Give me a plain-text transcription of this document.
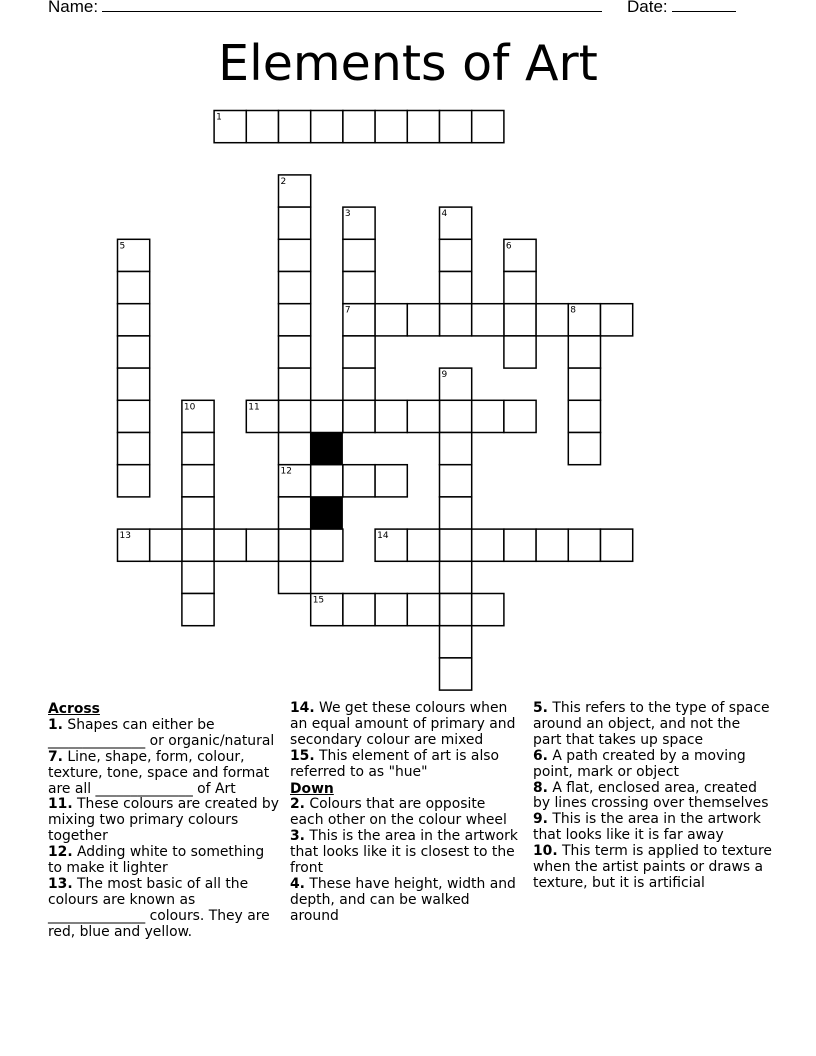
Name:	Date:
Elements of Art
1
2
3	4
5	6
7	8
9
10	11
12
13	14
15
Across
1. Shapes can either be ______________ or organic/natural
7. Line, shape, form, colour, texture, tone, space and format are all ______________ of Art
11. These colours are created by mixing two primary colours together
12. Adding white to something to make it lighter
13. The most basic of all the colours are known as ______________ colours. They are red, blue and yellow.
14. We get these colours when an equal amount of primary and secondary colour are mixed
15. This element of art is also referred to as "hue"
Down
2. Colours that are opposite each other on the colour wheel
3. This is the area in the artwork that looks like it is closest to the front
4. These have height, width and depth, and can be walked around
5. This refers to the type of space around an object, and not the part that takes up space
6. A path created by a moving point, mark or object
8. A flat, enclosed area, created by lines crossing over themselves
9. This is the area in the artwork that looks like it is far away
10. This term is applied to texture when the artist paints or draws a texture, but it is artificial
